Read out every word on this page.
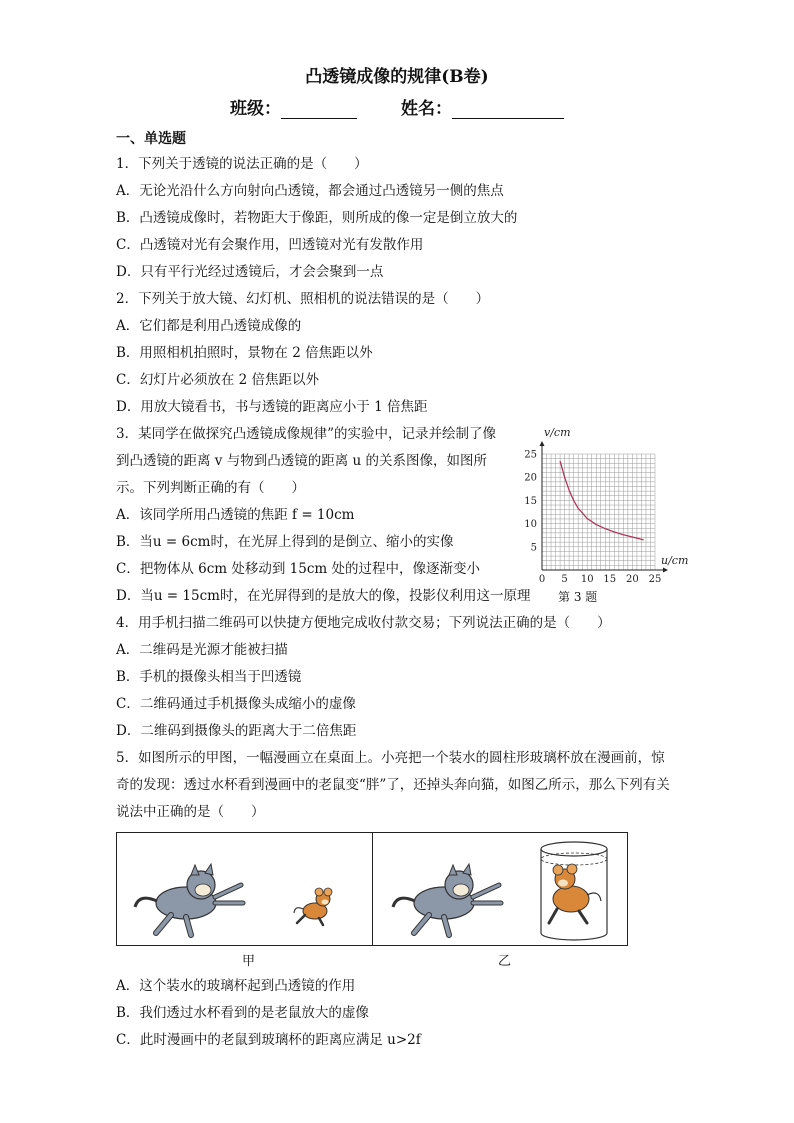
凸透镜成像的规律(B卷)
班级：	姓名：
一、单选题
1．下列关于透镜的说法正确的是（　　）
A．无论光沿什么方向射向凸透镜，都会通过凸透镜另一侧的焦点
B．凸透镜成像时，若物距大于像距，则所成的像一定是倒立放大的
C．凸透镜对光有会聚作用，凹透镜对光有发散作用
D．只有平行光经过透镜后，才会会聚到一点
2．下列关于放大镜、幻灯机、照相机的说法错误的是（　　）
A．它们都是利用凸透镜成像的
B．用照相机拍照时，景物在 2 倍焦距以外
C．幻灯片必须放在 2 倍焦距以外
D．用放大镜看书，书与透镜的距离应小于 1 倍焦距
3．某同学在做探究凸透镜成像规律”的实验中，记录并绘制了像
到凸透镜的距离 v 与物到凸透镜的距离 u 的关系图像，如图所
示。下列判断正确的有（　　）
A．该同学所用凸透镜的焦距 f = 10cm
B．当u = 6cm时，在光屏上得到的是倒立、缩小的实像
C．把物体从 6cm 处移动到 15cm 处的过程中，像逐渐变小
D．当u = 15cm时，在光屏得到的是放大的像，投影仪利用这一原理
0 5 10 15 20 25
5
10
15
20
25
v/cm
u/cm
第 3 题
4．用手机扫描二维码可以快捷方便地完成收付款交易；下列说法正确的是（　　）
A．二维码是光源才能被扫描
B．手机的摄像头相当于凹透镜
C．二维码通过手机摄像头成缩小的虚像
D．二维码到摄像头的距离大于二倍焦距
5．如图所示的甲图，一幅漫画立在桌面上。小亮把一个装水的圆柱形玻璃杯放在漫画前，惊
奇的发现：透过水杯看到漫画中的老鼠变“胖”了，还掉头奔向猫，如图乙所示，那么下列有关
说法中正确的是（　　）
甲	乙
A．这个装水的玻璃杯起到凸透镜的作用
B．我们透过水杯看到的是老鼠放大的虚像
C．此时漫画中的老鼠到玻璃杯的距离应满足 u>2f
